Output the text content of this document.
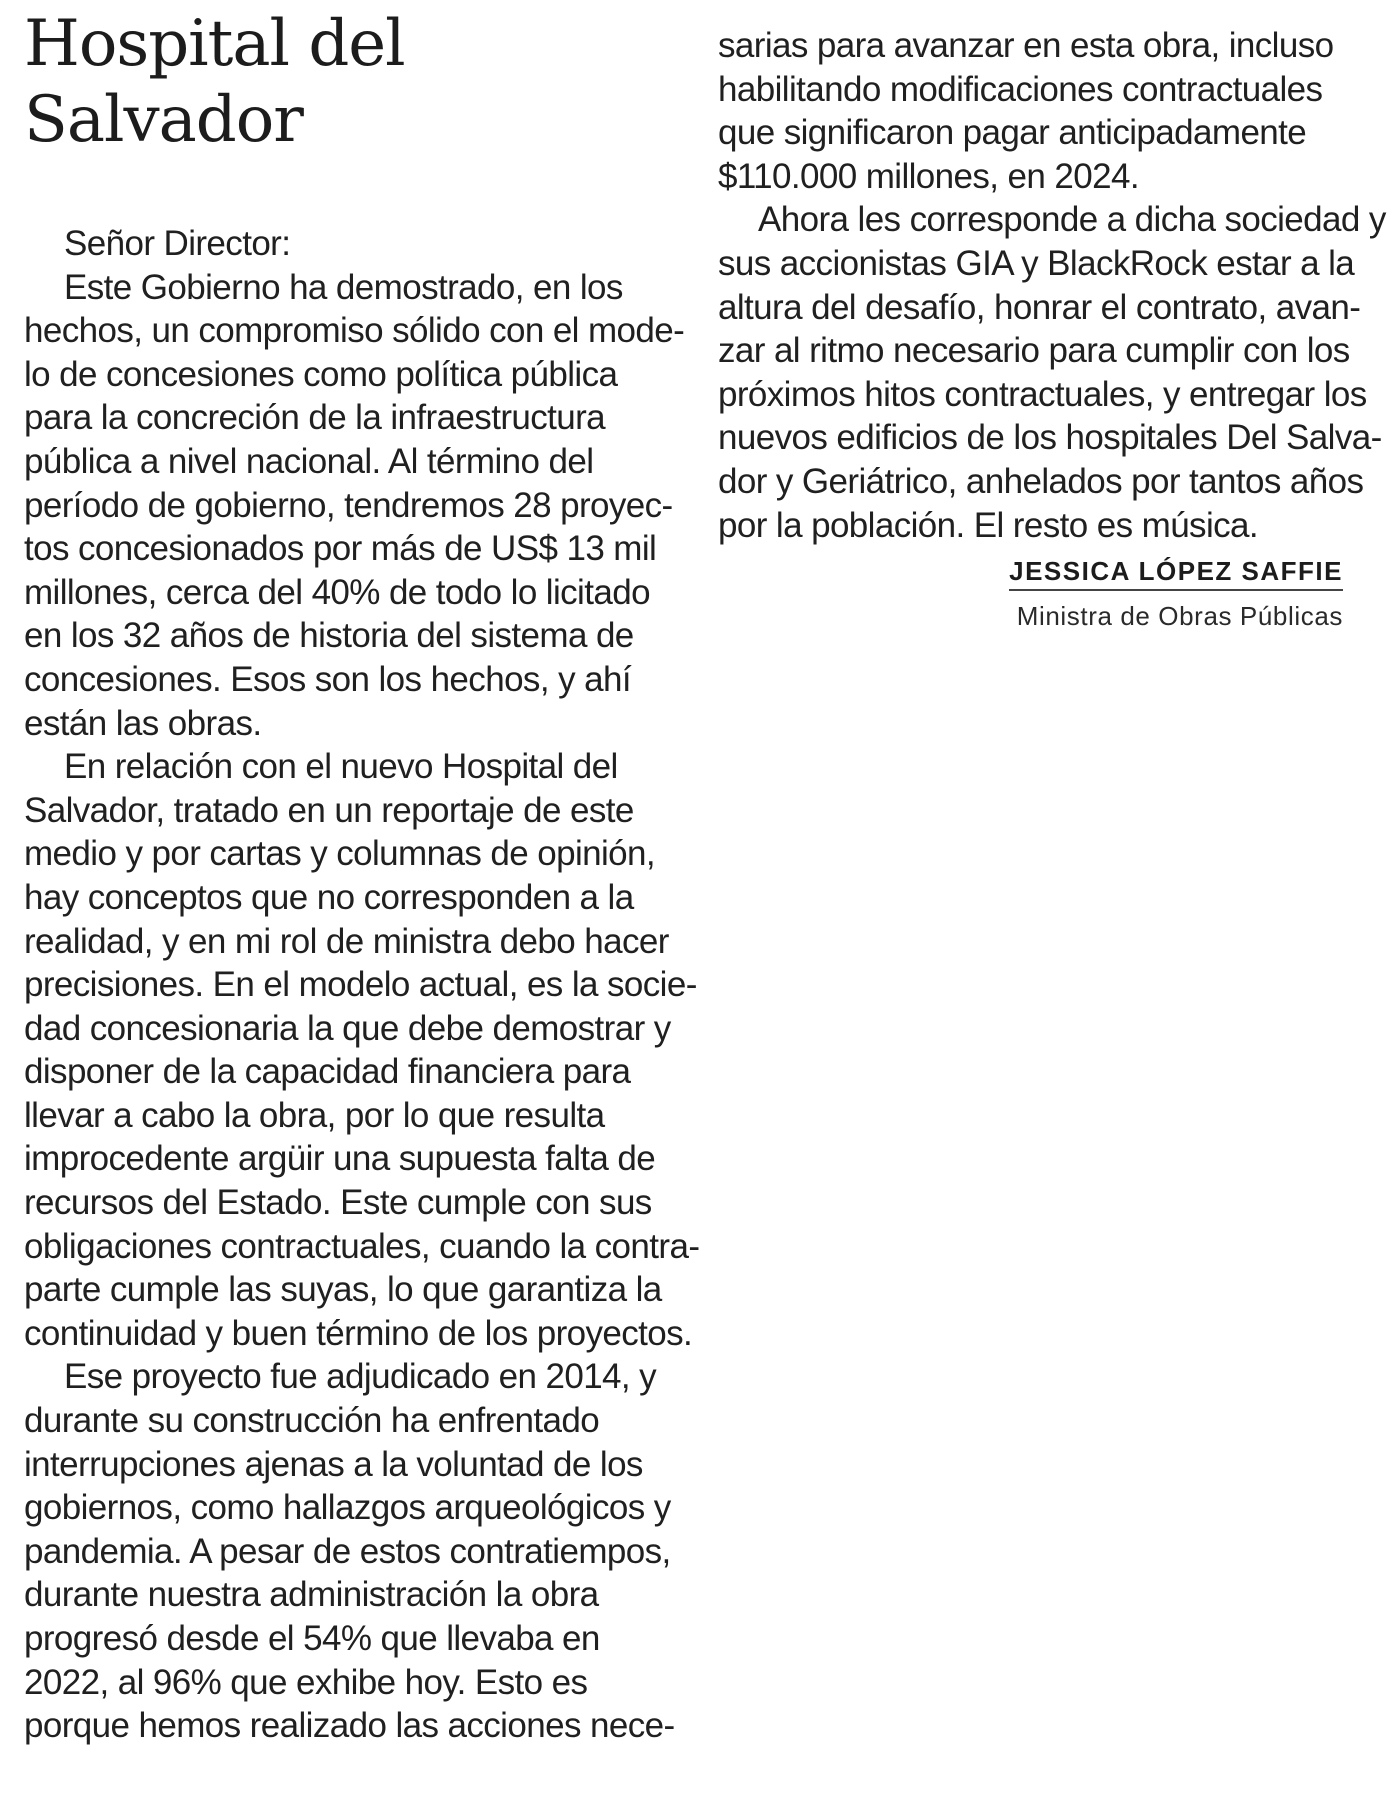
Hospital del
Salvador
Señor Director:
Este Gobierno ha demostrado, en los
hechos, un compromiso sólido con el mode-
lo de concesiones como política pública
para la concreción de la infraestructura
pública a nivel nacional. Al término del
período de gobierno, tendremos 28 proyec-
tos concesionados por más de US$ 13 mil
millones, cerca del 40% de todo lo licitado
en los 32 años de historia del sistema de
concesiones. Esos son los hechos, y ahí
están las obras.
En relación con el nuevo Hospital del
Salvador, tratado en un reportaje de este
medio y por cartas y columnas de opinión,
hay conceptos que no corresponden a la
realidad, y en mi rol de ministra debo hacer
precisiones. En el modelo actual, es la socie-
dad concesionaria la que debe demostrar y
disponer de la capacidad financiera para
llevar a cabo la obra, por lo que resulta
improcedente argüir una supuesta falta de
recursos del Estado. Este cumple con sus
obligaciones contractuales, cuando la contra-
parte cumple las suyas, lo que garantiza la
continuidad y buen término de los proyectos.
Ese proyecto fue adjudicado en 2014, y
durante su construcción ha enfrentado
interrupciones ajenas a la voluntad de los
gobiernos, como hallazgos arqueológicos y
pandemia. A pesar de estos contratiempos,
durante nuestra administración la obra
progresó desde el 54% que llevaba en
2022, al 96% que exhibe hoy. Esto es
porque hemos realizado las acciones nece-
sarias para avanzar en esta obra, incluso
habilitando modificaciones contractuales
que significaron pagar anticipadamente
$110.000 millones, en 2024.
Ahora les corresponde a dicha sociedad y
sus accionistas GIA y BlackRock estar a la
altura del desafío, honrar el contrato, avan-
zar al ritmo necesario para cumplir con los
próximos hitos contractuales, y entregar los
nuevos edificios de los hospitales Del Salva-
dor y Geriátrico, anhelados por tantos años
por la población. El resto es música.
JESSICA LÓPEZ SAFFIE
Ministra de Obras Públicas
